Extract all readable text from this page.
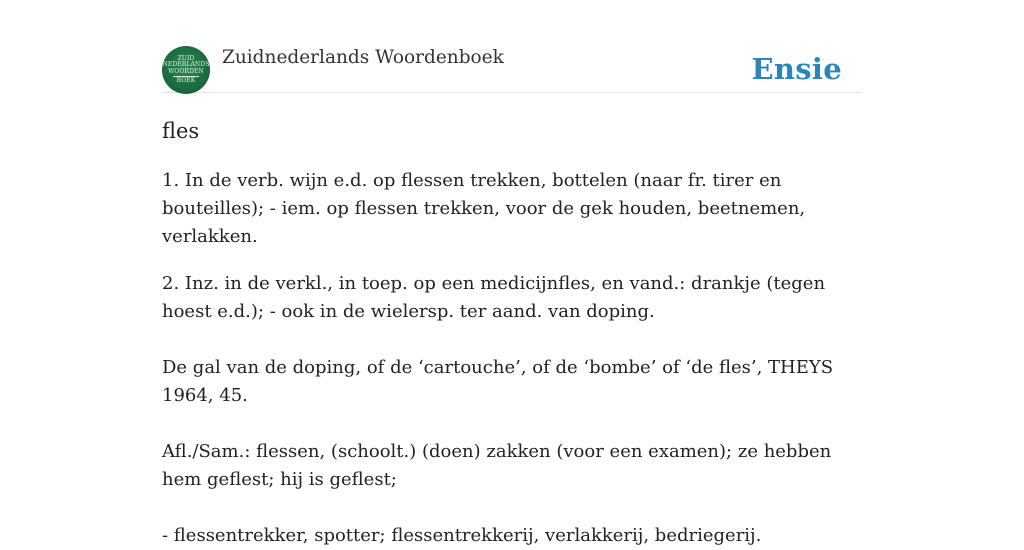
ZUID
NEDERLANDS
WOORDEN
BOEK
Zuidnederlands Woordenboek	Ensie
fles

1. In de verb. wijn e.d. op flessen trekken, bottelen (naar fr. tirer en bouteilles); - iem. op flessen trekken, voor de gek houden, beetnemen, verlakken.

2. Inz. in de verkl., in toep. op een medicijnfles, en vand.: drankje (tegen hoest e.d.); - ook in de wielersp. ter aand. van doping.

De gal van de doping, of de ‘cartouche’, of de ‘bombe’ of ‘de fles’, THEYS 1964, 45.

Afl./Sam.: flessen, (schoolt.) (doen) zakken (voor een examen); ze hebben hem geflest; hij is geflest;

- flessentrekker, spotter; flessentrekkerij, verlakkerij, bedriegerij.
